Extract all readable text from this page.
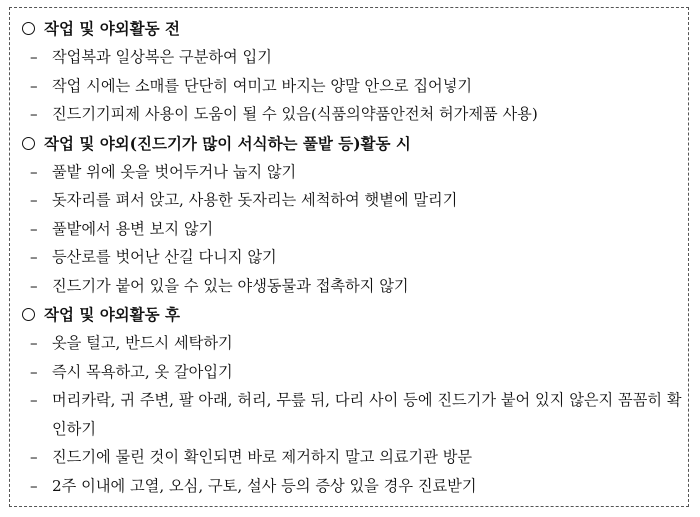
작업 및 야외활동 전
– 작업복과 일상복은 구분하여 입기
– 작업 시에는 소매를 단단히 여미고 바지는 양말 안으로 집어넣기
– 진드기기피제 사용이 도움이 될 수 있음(식품의약품안전처 허가제품 사용)
작업 및 야외(진드기가 많이 서식하는 풀밭 등)활동 시
– 풀밭 위에 옷을 벗어두거나 눕지 않기
– 돗자리를 펴서 앉고, 사용한 돗자리는 세척하여 햇볕에 말리기
– 풀밭에서 용변 보지 않기
– 등산로를 벗어난 산길 다니지 않기
– 진드기가 붙어 있을 수 있는 야생동물과 접촉하지 않기
작업 및 야외활동 후
– 옷을 털고, 반드시 세탁하기
– 즉시 목욕하고, 옷 갈아입기
– 머리카락, 귀 주변, 팔 아래, 허리, 무릎 뒤, 다리 사이 등에 진드기가 붙어 있지 않은지 꼼꼼히 확인하기
– 진드기에 물린 것이 확인되면 바로 제거하지 말고 의료기관 방문
– 2주 이내에 고열, 오심, 구토, 설사 등의 증상 있을 경우 진료받기
